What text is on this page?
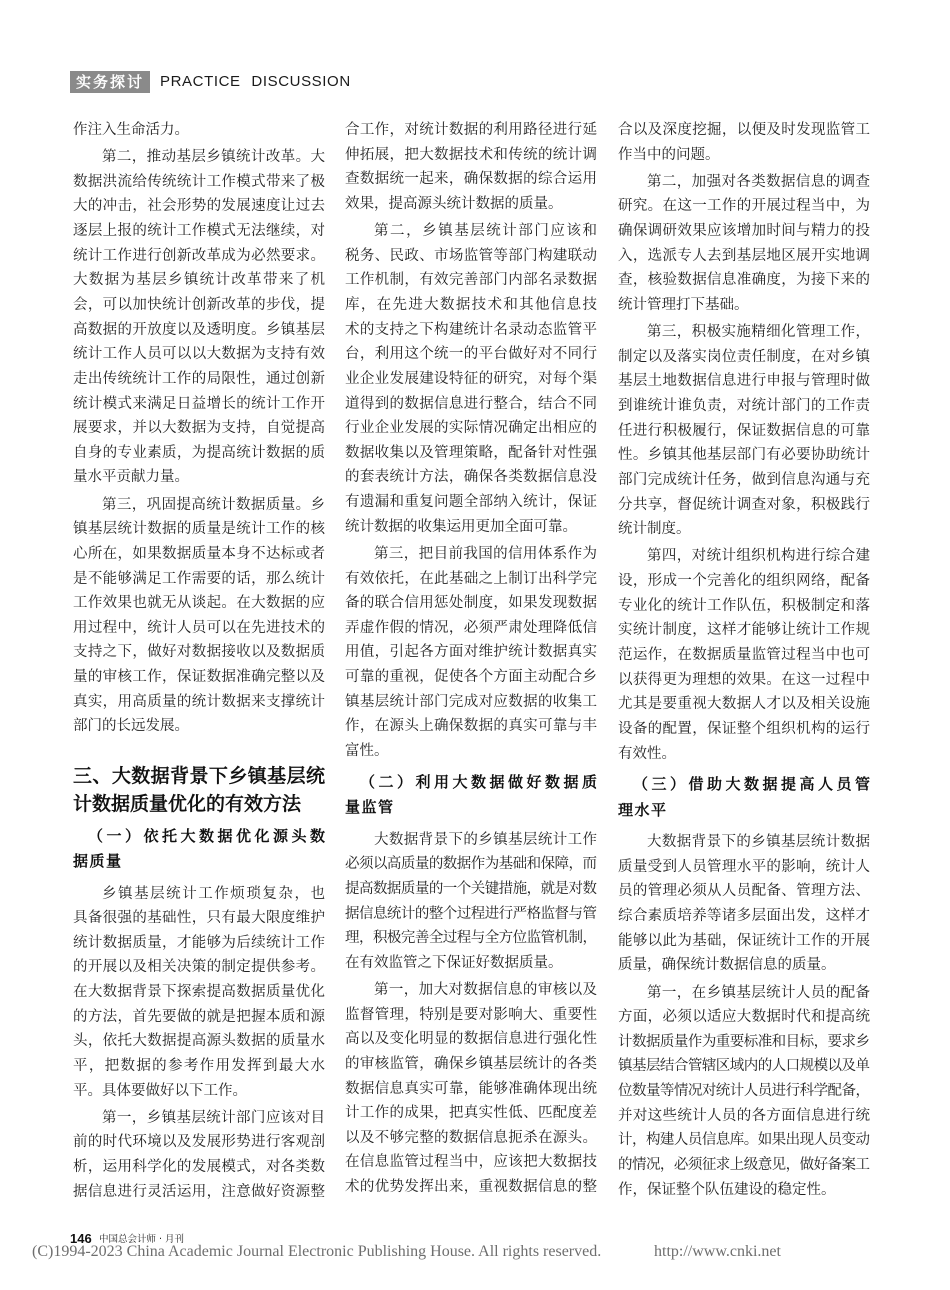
实务探讨	PRACTICE DISCUSSION
作注入生命活力。
第二，推动基层乡镇统计改革。大
数据洪流给传统统计工作模式带来了极
大的冲击，社会形势的发展速度让过去
逐层上报的统计工作模式无法继续，对
统计工作进行创新改革成为必然要求。
大数据为基层乡镇统计改革带来了机
会，可以加快统计创新改革的步伐，提
高数据的开放度以及透明度。乡镇基层
统计工作人员可以以大数据为支持有效
走出传统统计工作的局限性，通过创新
统计模式来满足日益增长的统计工作开
展要求，并以大数据为支持，自觉提高
自身的专业素质，为提高统计数据的质
量水平贡献力量。
第三，巩固提高统计数据质量。乡
镇基层统计数据的质量是统计工作的核
心所在，如果数据质量本身不达标或者
是不能够满足工作需要的话，那么统计
工作效果也就无从谈起。在大数据的应
用过程中，统计人员可以在先进技术的
支持之下，做好对数据接收以及数据质
量的审核工作，保证数据准确完整以及
真实，用高质量的统计数据来支撑统计
部门的长远发展。
三、大数据背景下乡镇基层统
计数据质量优化的有效方法
（一）依托大数据优化源头数
据质量
乡镇基层统计工作烦琐复杂，也
具备很强的基础性，只有最大限度维护
统计数据质量，才能够为后续统计工作
的开展以及相关决策的制定提供参考。
在大数据背景下探索提高数据质量优化
的方法，首先要做的就是把握本质和源
头，依托大数据提高源头数据的质量水
平，把数据的参考作用发挥到最大水
平。具体要做好以下工作。
第一，乡镇基层统计部门应该对目
前的时代环境以及发展形势进行客观剖
析，运用科学化的发展模式，对各类数
据信息进行灵活运用，注意做好资源整
合工作，对统计数据的利用路径进行延
伸拓展，把大数据技术和传统的统计调
查数据统一起来，确保数据的综合运用
效果，提高源头统计数据的质量。
第二，乡镇基层统计部门应该和
税务、民政、市场监管等部门构建联动
工作机制，有效完善部门内部名录数据
库，在先进大数据技术和其他信息技
术的支持之下构建统计名录动态监管平
台，利用这个统一的平台做好对不同行
业企业发展建设特征的研究，对每个渠
道得到的数据信息进行整合，结合不同
行业企业发展的实际情况确定出相应的
数据收集以及管理策略，配备针对性强
的套表统计方法，确保各类数据信息没
有遗漏和重复问题全部纳入统计，保证
统计数据的收集运用更加全面可靠。
第三，把目前我国的信用体系作为
有效依托，在此基础之上制订出科学完
备的联合信用惩处制度，如果发现数据
弄虚作假的情况，必须严肃处理降低信
用值，引起各方面对维护统计数据真实
可靠的重视，促使各个方面主动配合乡
镇基层统计部门完成对应数据的收集工
作，在源头上确保数据的真实可靠与丰
富性。
（二）利用大数据做好数据质
量监管
大数据背景下的乡镇基层统计工作
必须以高质量的数据作为基础和保障，而
提高数据质量的一个关键措施，就是对数
据信息统计的整个过程进行严格监督与管
理，积极完善全过程与全方位监管机制，
在有效监管之下保证好数据质量。
第一，加大对数据信息的审核以及
监督管理，特别是要对影响大、重要性
高以及变化明显的数据信息进行强化性
的审核监管，确保乡镇基层统计的各类
数据信息真实可靠，能够准确体现出统
计工作的成果，把真实性低、匹配度差
以及不够完整的数据信息扼杀在源头。
在信息监管过程当中，应该把大数据技
术的优势发挥出来，重视数据信息的整
合以及深度挖掘，以便及时发现监管工
作当中的问题。
第二，加强对各类数据信息的调查
研究。在这一工作的开展过程当中，为
确保调研效果应该增加时间与精力的投
入，选派专人去到基层地区展开实地调
查，核验数据信息准确度，为接下来的
统计管理打下基础。
第三，积极实施精细化管理工作，
制定以及落实岗位责任制度，在对乡镇
基层土地数据信息进行申报与管理时做
到谁统计谁负责，对统计部门的工作责
任进行积极履行，保证数据信息的可靠
性。乡镇其他基层部门有必要协助统计
部门完成统计任务，做到信息沟通与充
分共享，督促统计调查对象，积极践行
统计制度。
第四，对统计组织机构进行综合建
设，形成一个完善化的组织网络，配备
专业化的统计工作队伍，积极制定和落
实统计制度，这样才能够让统计工作规
范运作，在数据质量监管过程当中也可
以获得更为理想的效果。在这一过程中
尤其是要重视大数据人才以及相关设施
设备的配置，保证整个组织机构的运行
有效性。
（三）借助大数据提高人员管
理水平
大数据背景下的乡镇基层统计数据
质量受到人员管理水平的影响，统计人
员的管理必须从人员配备、管理方法、
综合素质培养等诸多层面出发，这样才
能够以此为基础，保证统计工作的开展
质量，确保统计数据信息的质量。
第一，在乡镇基层统计人员的配备
方面，必须以适应大数据时代和提高统
计数据质量作为重要标准和目标，要求乡
镇基层结合管辖区域内的人口规模以及单
位数量等情况对统计人员进行科学配备，
并对这些统计人员的各方面信息进行统
计，构建人员信息库。如果出现人员变动
的情况，必须征求上级意见，做好备案工
作，保证整个队伍建设的稳定性。
146 中国总会计师 · 月刊
(C)1994-2023 China Academic Journal Electronic Publishing House. All rights reserved.	http://www.cnki.net
